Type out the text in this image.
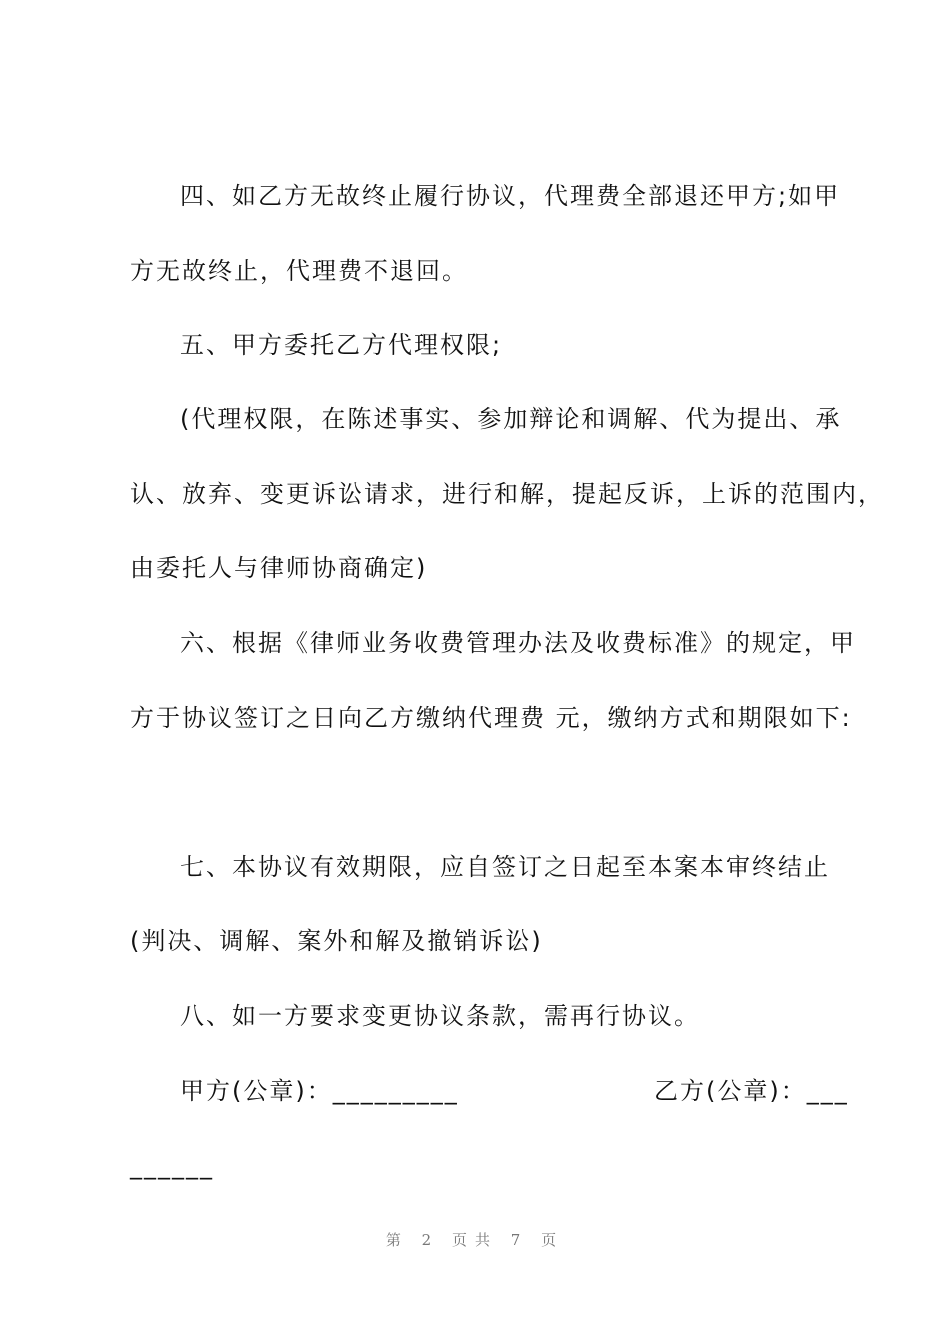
四、如乙方无故终止履行协议，代理费全部退还甲方;如甲
方无故终止，代理费不退回。
五、甲方委托乙方代理权限;
(代理权限，在陈述事实、参加辩论和调解、代为提出、承
认、放弃、变更诉讼请求，进行和解，提起反诉，上诉的范围内，
由委托人与律师协商确定)
六、根据《律师业务收费管理办法及收费标准》的规定，甲
方于协议签订之日向乙方缴纳代理费 元，缴纳方式和期限如下:
七、本协议有效期限，应自签订之日起至本案本审终结止
(判决、调解、案外和解及撤销诉讼)
八、如一方要求变更协议条款，需再行协议。
甲方(公章)：_________	乙方(公章)：___
______
第 2 页共 7 页
